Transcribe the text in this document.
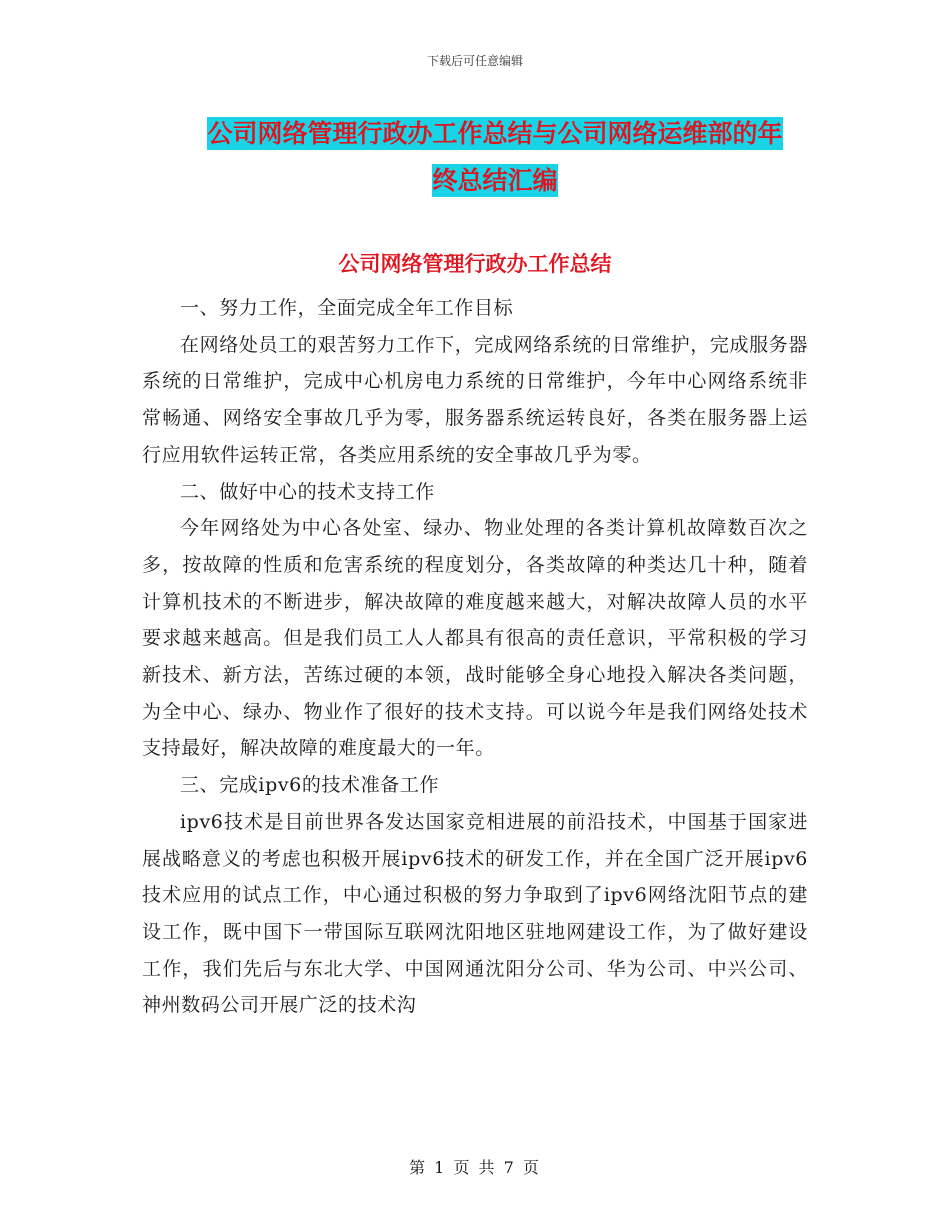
下载后可任意编辑
公司网络管理行政办工作总结与公司网络运维部的年
终总结汇编
公司网络管理行政办工作总结

一、努力工作，全面完成全年工作目标

在网络处员工的艰苦努力工作下，完成网络系统的日常维护，完成服务器系统的日常维护，完成中心机房电力系统的日常维护，今年中心网络系统非常畅通、网络安全事故几乎为零，服务器系统运转良好，各类在服务器上运行应用软件运转正常，各类应用系统的安全事故几乎为零。

二、做好中心的技术支持工作

今年网络处为中心各处室、绿办、物业处理的各类计算机故障数百次之多，按故障的性质和危害系统的程度划分，各类故障的种类达几十种，随着计算机技术的不断进步，解决故障的难度越来越大，对解决故障人员的水平要求越来越高。但是我们员工人人都具有很高的责任意识，平常积极的学习新技术、新方法，苦练过硬的本领，战时能够全身心地投入解决各类问题，为全中心、绿办、物业作了很好的技术支持。可以说今年是我们网络处技术支持最好，解决故障的难度最大的一年。

三、完成ipv6的技术准备工作

ipv6技术是目前世界各发达国家竞相进展的前沿技术，中国基于国家进展战略意义的考虑也积极开展ipv6技术的研发工作，并在全国广泛开展ipv6技术应用的试点工作，中心通过积极的努力争取到了ipv6网络沈阳节点的建设工作，既中国下一带国际互联网沈阳地区驻地网建设工作，为了做好建设工作，我们先后与东北大学、中国网通沈阳分公司、华为公司、中兴公司、神州数码公司开展广泛的技术沟

第 1 页 共 7 页
